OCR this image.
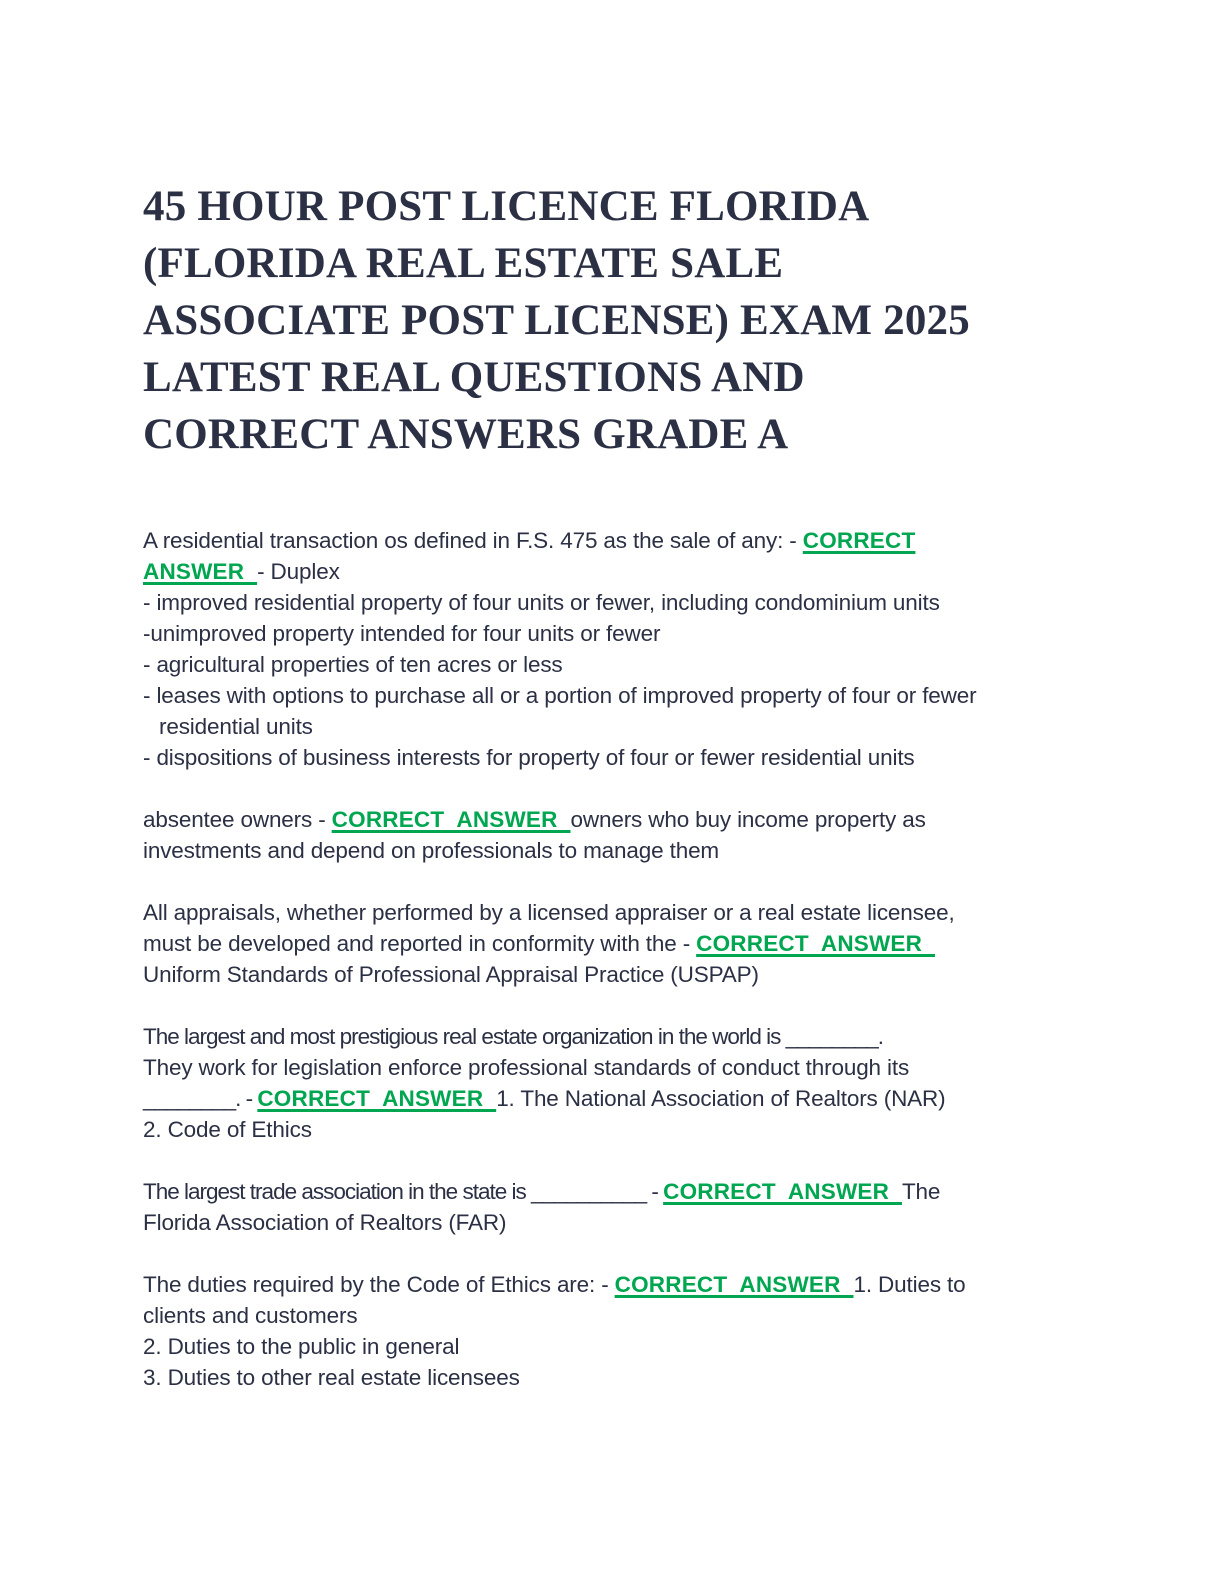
45 HOUR POST LICENCE FLORIDA
(FLORIDA REAL ESTATE SALE
ASSOCIATE POST LICENSE) EXAM 2025
LATEST REAL QUESTIONS AND
CORRECT ANSWERS GRADE A
A residential transaction os defined in F.S. 475 as the sale of any: - CORRECT
ANSWER  - Duplex
- improved residential property of four units or fewer, including condominium units
-unimproved property intended for four units or fewer
- agricultural properties of ten acres or less
- leases with options to purchase all or a portion of improved property of four or fewer
residential units
- dispositions of business interests for property of four or fewer residential units
absentee owners - CORRECT  ANSWER  owners who buy income property as
investments and depend on professionals to manage them
All appraisals, whether performed by a licensed appraiser or a real estate licensee,
must be developed and reported in conformity with the - CORRECT  ANSWER
Uniform Standards of Professional Appraisal Practice (USPAP)
The largest and most prestigious real estate organization in the world is ________.
They work for legislation enforce professional standards of conduct through its
________. - CORRECT  ANSWER  1. The National Association of Realtors (NAR)
2. Code of Ethics
The largest trade association in the state is __________ - CORRECT  ANSWER  The
Florida Association of Realtors (FAR)
The duties required by the Code of Ethics are: - CORRECT  ANSWER  1. Duties to
clients and customers
2. Duties to the public in general
3. Duties to other real estate licensees
